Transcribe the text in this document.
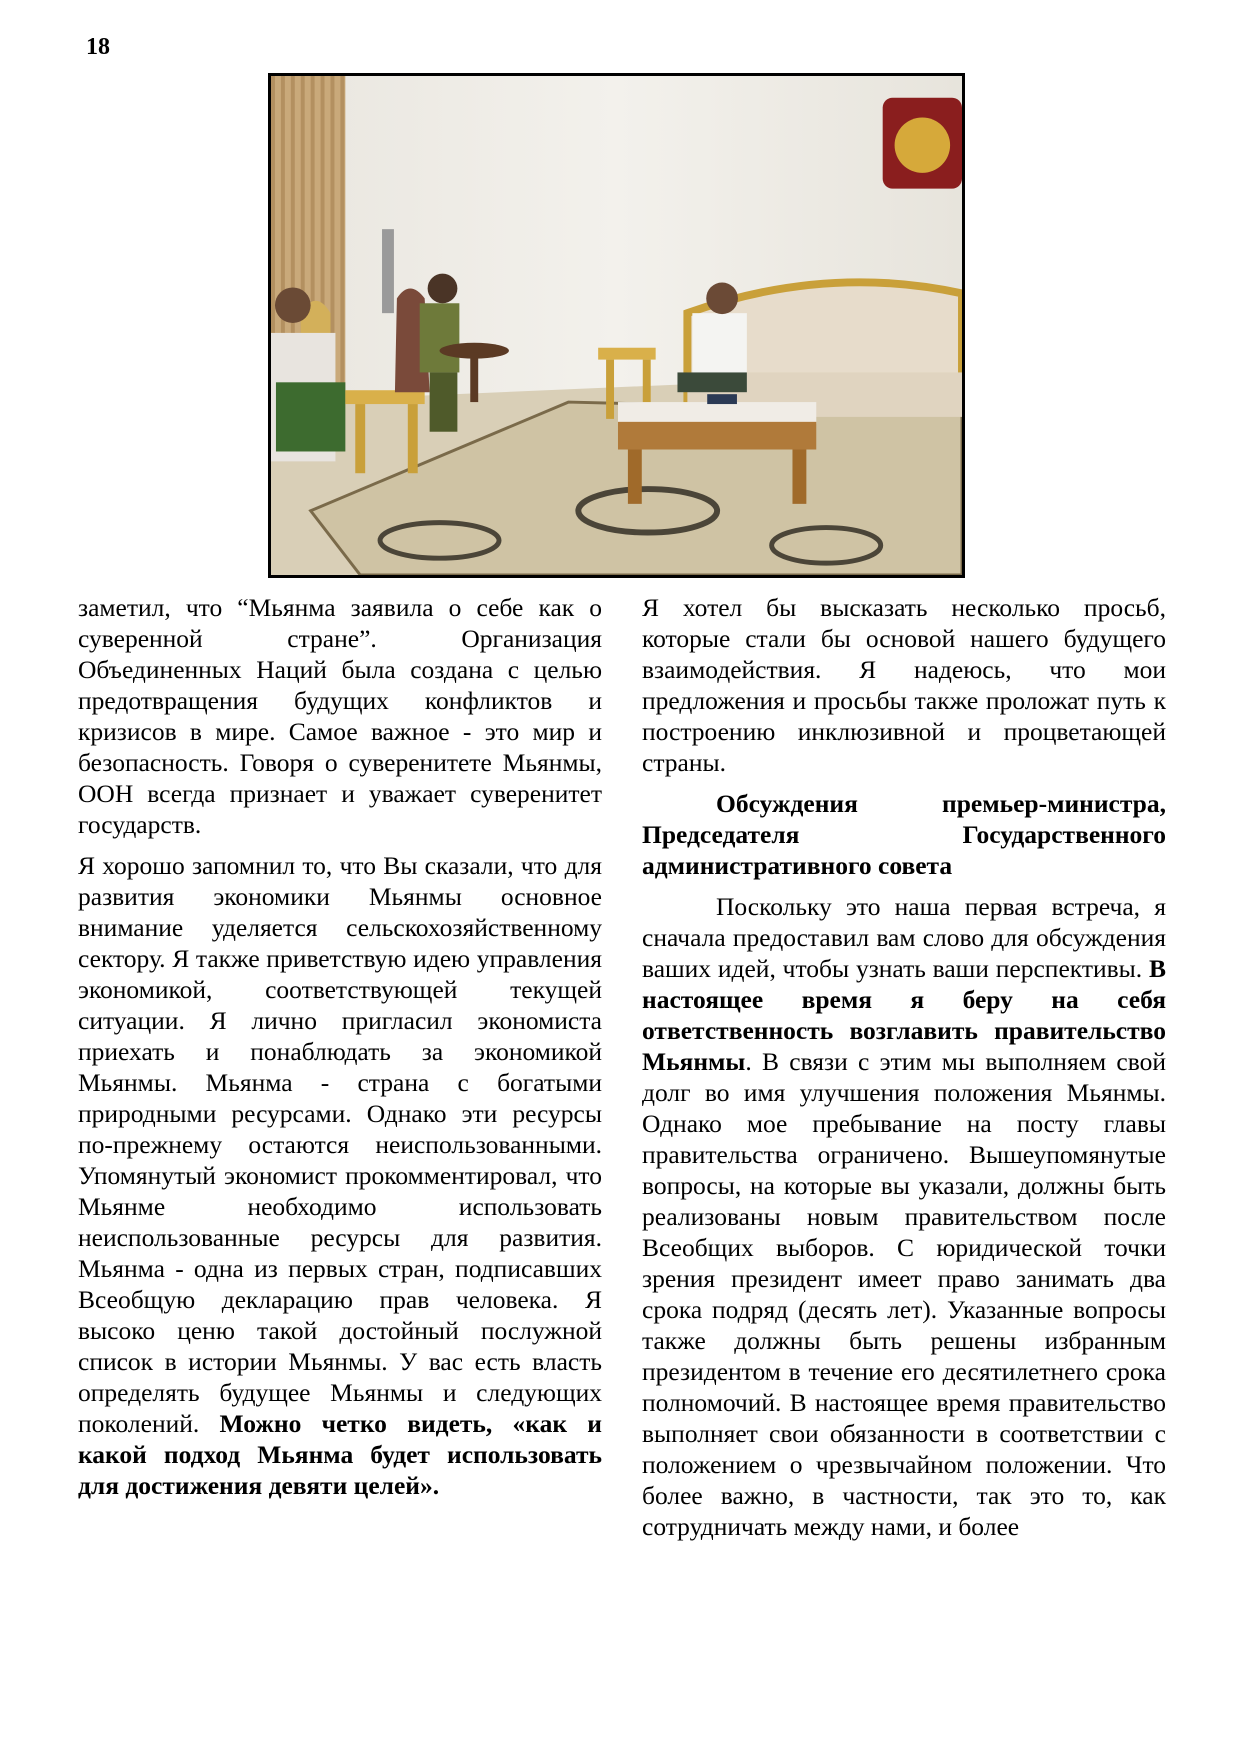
18

заметил, что “Мьянма заявила о себе как о суверенной стране”. Организация Объединенных Наций была создана с целью предотвращения будущих конфликтов и кризисов в мире. Самое важное - это мир и безопасность. Говоря о суверенитете Мьянмы, ООН всегда признает и уважает суверенитет государств.

Я хорошо запомнил то, что Вы сказали, что для развития экономики Мьянмы основное внимание уделяется сельскохозяйственному сектору. Я также приветствую идею управления экономикой, соответствующей текущей ситуации. Я лично пригласил экономиста приехать и понаблюдать за экономикой Мьянмы. Мьянма - страна с богатыми природными ресурсами. Однако эти ресурсы по-прежнему остаются неиспользованными. Упомянутый экономист прокомментировал, что Мьянме необходимо использовать неиспользованные ресурсы для развития. Мьянма - одна из первых стран, подписавших Всеобщую декларацию прав человека. Я высоко ценю такой достойный послужной список в истории Мьянмы. У вас есть власть определять будущее Мьянмы и следующих поколений. Можно четко видеть, «как и какой подход Мьянма будет использовать для достижения девяти целей».

Я хотел бы высказать несколько просьб, которые стали бы основой нашего будущего взаимодействия. Я надеюсь, что мои предложения и просьбы также проложат путь к построению инклюзивной и процветающей страны.

Обсуждения премьер-министра, Председателя Государственного административного совета

Поскольку это наша первая встреча, я сначала предоставил вам слово для обсуждения ваших идей, чтобы узнать ваши перспективы. В настоящее время я беру на себя ответственность возглавить правительство Мьянмы. В связи с этим мы выполняем свой долг во имя улучшения положения Мьянмы. Однако мое пребывание на посту главы правительства ограничено. Вышеупомянутые вопросы, на которые вы указали, должны быть реализованы новым правительством после Всеобщих выборов. С юридической точки зрения президент имеет право занимать два срока подряд (десять лет). Указанные вопросы также должны быть решены избранным президентом в течение его десятилетнего срока полномочий. В настоящее время правительство выполняет свои обязанности в соответствии с положением о чрезвычайном положении. Что более важно, в частности, так это то, как сотрудничать между нами, и более
